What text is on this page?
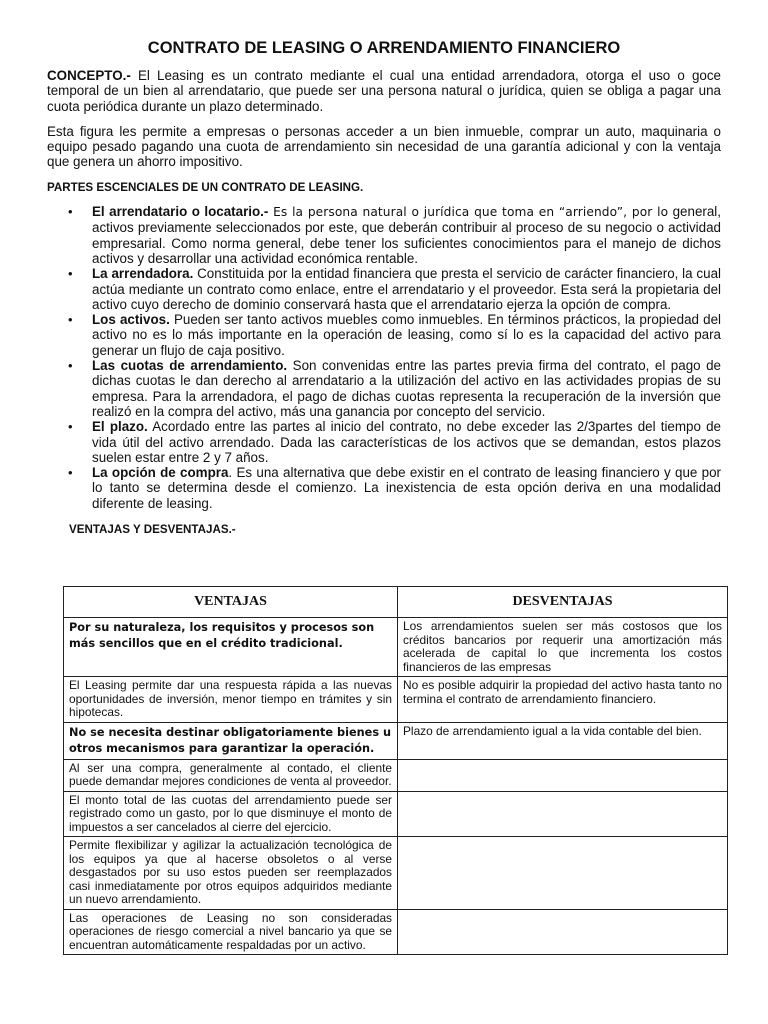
CONTRATO DE LEASING O ARRENDAMIENTO FINANCIERO

CONCEPTO.- El Leasing es un contrato mediante el cual una entidad arrendadora, otorga el uso o goce temporal de un bien al arrendatario, que puede ser una persona natural o jurídica, quien se obliga a pagar una cuota periódica durante un plazo determinado.

Esta figura les permite a empresas o personas acceder a un bien inmueble, comprar un auto, maquinaria o equipo pesado pagando una cuota de arrendamiento sin necesidad de una garantía adicional y con la ventaja que genera un ahorro impositivo.

PARTES ESCENCIALES DE UN CONTRATO DE LEASING.
• El arrendatario o locatario.- Es la persona natural o jurídica que toma en “arriendo”, por lo general, activos previamente seleccionados por este, que deberán contribuir al proceso de su negocio o actividad empresarial. Como norma general, debe tener los suficientes conocimientos para el manejo de dichos activos y desarrollar una actividad económica rentable.
• La arrendadora. Constituida por la entidad financiera que presta el servicio de carácter financiero, la cual actúa mediante un contrato como enlace, entre el arrendatario y el proveedor. Esta será la propietaria del activo cuyo derecho de dominio conservará hasta que el arrendatario ejerza la opción de compra.
• Los activos. Pueden ser tanto activos muebles como inmuebles. En términos prácticos, la propiedad del activo no es lo más importante en la operación de leasing, como sí lo es la capacidad del activo para generar un flujo de caja positivo.
• Las cuotas de arrendamiento. Son convenidas entre las partes previa firma del contrato, el pago de dichas cuotas le dan derecho al arrendatario a la utilización del activo en las actividades propias de su empresa. Para la arrendadora, el pago de dichas cuotas representa la recuperación de la inversión que realizó en la compra del activo, más una ganancia por concepto del servicio.
• El plazo. Acordado entre las partes al inicio del contrato, no debe exceder las 2/3partes del tiempo de vida útil del activo arrendado. Dada las características de los activos que se demandan, estos plazos suelen estar entre 2 y 7 años.
• La opción de compra. Es una alternativa que debe existir en el contrato de leasing financiero y que por lo tanto se determina desde el comienzo. La inexistencia de esta opción deriva en una modalidad diferente de leasing.
VENTAJAS Y DESVENTAJAS.-
VENTAJAS	DESVENTAJAS
Por su naturaleza, los requisitos y procesos son más sencillos que en el crédito tradicional.	Los arrendamientos suelen ser más costosos que los créditos bancarios por requerir una amortización más acelerada de capital lo que incrementa los costos financieros de las empresas
El Leasing permite dar una respuesta rápida a las nuevas oportunidades de inversión, menor tiempo en trámites y sin hipotecas.	No es posible adquirir la propiedad del activo hasta tanto no termina el contrato de arrendamiento financiero.
No se necesita destinar obligatoriamente bienes u otros mecanismos para garantizar la operación.	Plazo de arrendamiento igual a la vida contable del bien.
Al ser una compra, generalmente al contado, el cliente puede demandar mejores condiciones de venta al proveedor.	
El monto total de las cuotas del arrendamiento puede ser registrado como un gasto, por lo que disminuye el monto de impuestos a ser cancelados al cierre del ejercicio.	
Permite flexibilizar y agilizar la actualización tecnológica de los equipos ya que al hacerse obsoletos o al verse desgastados por su uso estos pueden ser reemplazados casi inmediatamente por otros equipos adquiridos mediante un nuevo arrendamiento.	
Las operaciones de Leasing no son consideradas operaciones de riesgo comercial a nivel bancario ya que se encuentran automáticamente respaldadas por un activo.	
